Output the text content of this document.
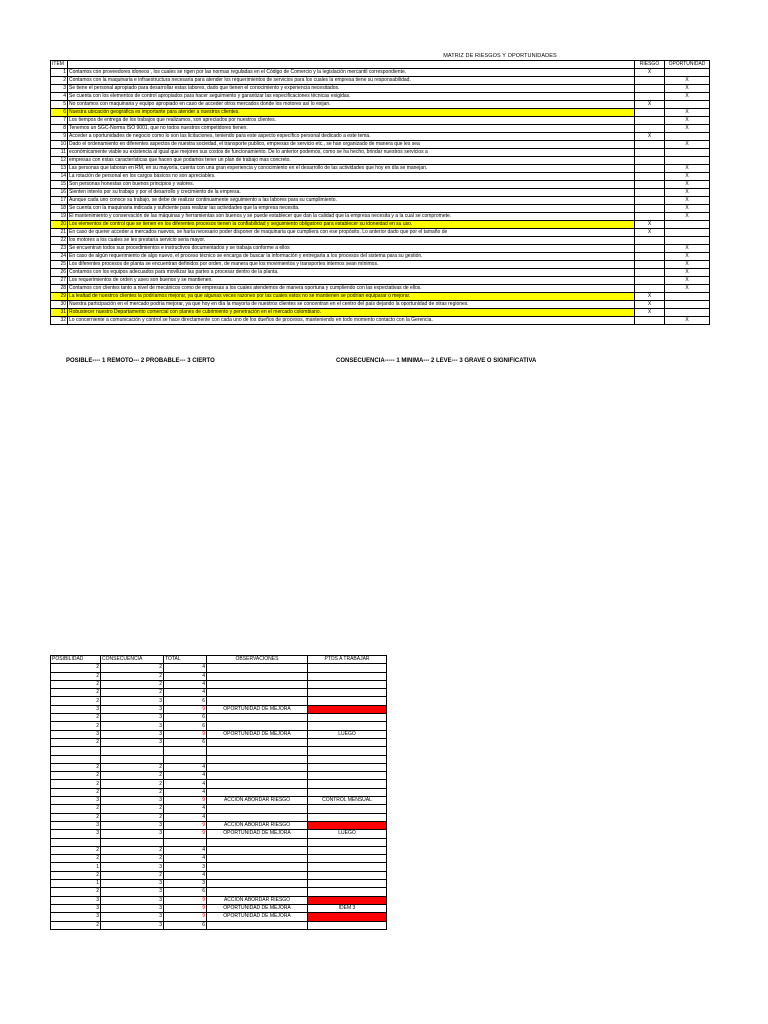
MATRIZ DE RIESGOS Y OPORTUNIDADES
ITEM		RIESGO	OPORTUNIDAD
1	Contamos con proveedores idoneos , los cuales se rigen por las normas reguladas en el Código de Comercio y la legislación mercantil correspondiente.	X	
2	Contamos con la maquinaria e infraestructura necesaria para atender los requerimientos de servicios para los cuales la empresa tiene su responsabilidad.		X
3	Se tiene el personal apropiado para desarrollar estas labores, dado que tienen el conocimiento y experiencia necesitados.		X
4	Se cuenta con los elementos de control apropiados para hacer seguimiento y garantizar las especificaciones técnicas exigidas.		X
5	No contamos con maquinaria y equipo apropiado en caso de acceder otros mercados donde los motores así lo exijan.	X	
6	Nuestra ubicación geográfica es importante para atender a nuestros clientes.		X
7	Los tiempos de entrega de los trabajos que realizamos, son apreciados por nuestros clientes.		X
8	Tenemos un SGC-Norma ISO 9001, que no todos nuestros competidores tienen.		X
9	Acceder a oportunidades de negocio como lo son las licitaciones, teniendo para este aspecto específico personal dedicado a este tema.	X	
10	Dado el ordenamiento en diferentes aspectos de nuestra sociedad, el transporte publico, empresas de servicio etc., se han organizado de manera que les sea		X
11	económicamente viable su existencia al igual que mejoren sus costos de funcionamiento. De lo anterior podemos, como se ha hecho, brindar nuestros servicios a		
12	empresas con estas características que hacen que podamos tener un plan de trabajo mas concreto.		
13	Las personas que laboran en RM, en su mayoría, cuenta con una gran experiencia y conocimiento en el desarrollo de las actividades que hoy en día se manejan.		X
14	La rotación de personal en los cargos básicos no son apreciables.		X
15	Son personas honestas con buenos principios y valores.		X
16	Sienten interés por su trabajo y por el desarrollo y crecimiento de la empresa.		X
17	Aunque cada uno conoce su trabajo, se debe de realizar continuamente seguimiento a las labores para su cumplimiento.		X
18	Se cuenta con la maquinaria indicada y suficiente para realizar las actividades que la empresa necesita.		X
19	El mantenimiento y conservación de las máquinas y herramientas son buenos y se puede establecer que dan la calidad que la empresa necesita y a la cual se compromete.		X
20	Los elementos de control que se tienen en los diferentes procesos tienen la confiabilidad y seguimiento obligatorio para establecer su idoneidad en su uso.	X	
21	En caso de querer acceder a mercados nuevos, se haría necesario poder disponer de maquinaria que cumpliera con ese propósito. Lo anterior dado que por el tamaño de	X	
22	los motores a los cuales se les prestaría servicio seria mayor.		
23	Se encuentran todos sus procedimientos e instructivos documentados y se trabaja conforme a ellos		X
24	En caso de algún requerimiento de algo nuevo, el proceso técnico se encarga de buscar la información y entregarla a los procesos del sistema para su gestión.		X
25	Los diferentes procesos de planta se encuentran definidos por orden, de manera que los movimientos y transportes internos sean mínimos.		X
26	Contamos con los equipos adecuados para movilizar las partes a procesar dentro de la planta.		X
27	Los requerimientos de orden y aseo son buenos y se mantienen.		X
28	Contamos con clientes tanto a nivel de mecánicos como de empresas a los cuales atendemos de manera oportuna y cumpliendo con las expectativas de ellos.		X
29	La lealtad de nuestros clientes la podríamos mejorar, ya que algunas veces razones por las cuales estos no se mantienen se podrían equiparar o mejorar.	X	
30	Nuestra participación en el mercado podría mejorar, ya que hoy en día la mayoría de nuestros clientes se concentran en el centro del país dejando la oportunidad de otras regiones.	X	
31	Robustecer nuestro Departamento comercial con planes de cubrimiento y penetración en el mercado colombiano.	X	
32	Lo concerniente a comunicación y control se hace directamente con cada uno de los dueños de procesos, manteniendo en todo momento contacto con la Gerencia.		X
POSIBLE---- 1 REMOTO--- 2 PROBABLE--- 3 CIERTO	CONSECUENCIA----- 1 MINIMA--- 2 LEVE--- 3 GRAVE O SIGNIFICATIVA
POSIBILIDAD	CONSECUENCIA	TOTAL	OBSERVACIONES	PTOS A TRABAJAR
2	2	4		
2	2	4		
2	2	4		
2	2	4		
2	3	6		
3	3	9	OPORTUNIDAD DE MEJORA	
2	3	6		
2	3	6		
3	3	9	OPORTUNIDAD DE MEJORA	LUEGO
2	3	6		

2	2	4		
2	2	4		
2	2	4		
2	2	4		
3	3	9	ACCION ABORDAR RIESGO	CONTROL MENSUAL
2	2	4		
2	2	4		
3	3	9	ACCION ABORDAR RIESGO	
3	3	9	OPORTUNIDAD DE MEJORA	LUEGO

2	2	4		
2	2	4		
1	3	3		
2	2	4		
1	3	3		
2	3	6		
3	3	9	ACCION ABORDAR RIESGO	
3	3	9	OPORTUNIDAD DE MEJORA	IDEM 3
3	3	9	OPORTUNIDAD DE MEJORA	
2	3	6		
